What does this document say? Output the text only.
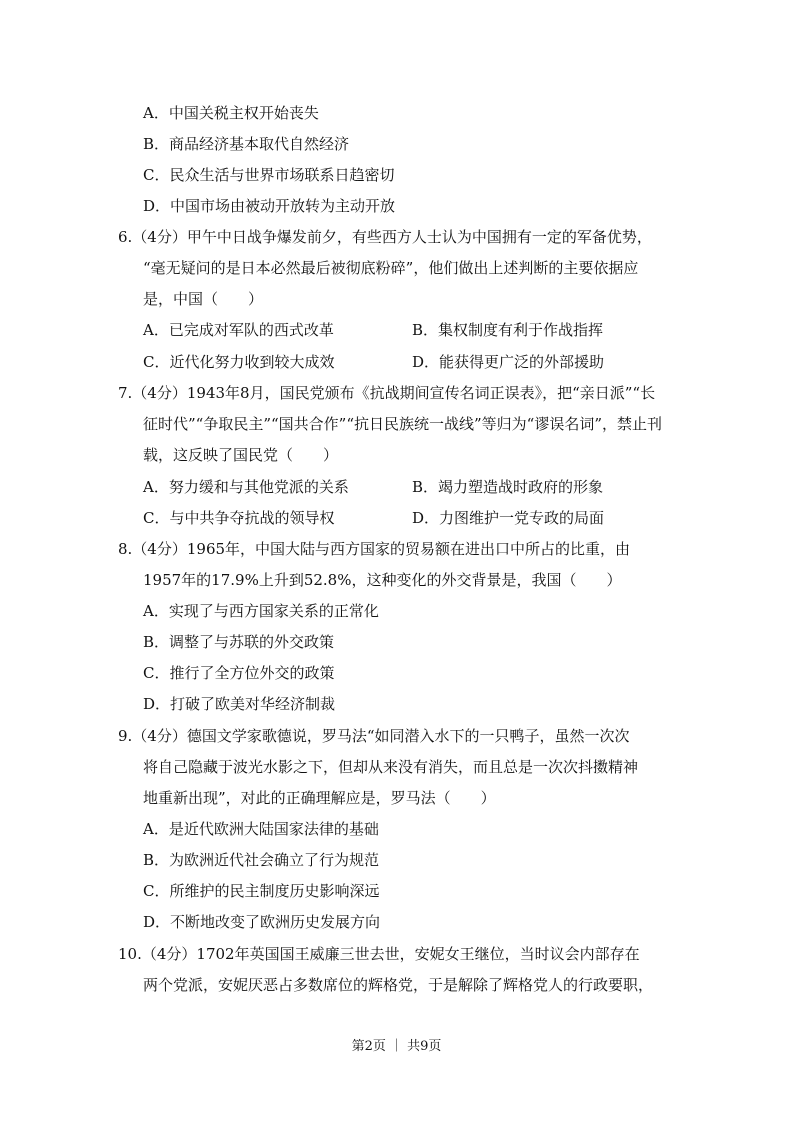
A．中国关税主权开始丧失
B．商品经济基本取代自然经济
C．民众生活与世界市场联系日趋密切
D．中国市场由被动开放转为主动开放
6.（4分）甲午中日战争爆发前夕，有些西方人士认为中国拥有一定的军备优势，
“毫无疑问的是日本必然最后被彻底粉碎”，他们做出上述判断的主要依据应
是，中国（　　）
A．已完成对军队的西式改革	B．集权制度有利于作战指挥
C．近代化努力收到较大成效	D．能获得更广泛的外部援助
7.（4分）1943年8月，国民党颁布《抗战期间宣传名词正误表》，把“亲日派”“长
征时代”“争取民主”“国共合作”“抗日民族统一战线”等归为“谬误名词”，禁止刊
载，这反映了国民党（　　）
A．努力缓和与其他党派的关系	B．竭力塑造战时政府的形象
C．与中共争夺抗战的领导权	D．力图维护一党专政的局面
8.（4分）1965年，中国大陆与西方国家的贸易额在进出口中所占的比重，由
1957年的17.9%上升到52.8%，这种变化的外交背景是，我国（　　）
A．实现了与西方国家关系的正常化
B．调整了与苏联的外交政策
C．推行了全方位外交的政策
D．打破了欧美对华经济制裁
9.（4分）德国文学家歌德说，罗马法“如同潜入水下的一只鸭子，虽然一次次
将自己隐藏于波光水影之下，但却从来没有消失，而且总是一次次抖擞精神
地重新出现”，对此的正确理解应是，罗马法（　　）
A．是近代欧洲大陆国家法律的基础
B．为欧洲近代社会确立了行为规范
C．所维护的民主制度历史影响深远
D．不断地改变了欧洲历史发展方向
10.（4分）1702年英国国王威廉三世去世，安妮女王继位，当时议会内部存在
两个党派，安妮厌恶占多数席位的辉格党，于是解除了辉格党人的行政要职，
第2页 ｜ 共9页
